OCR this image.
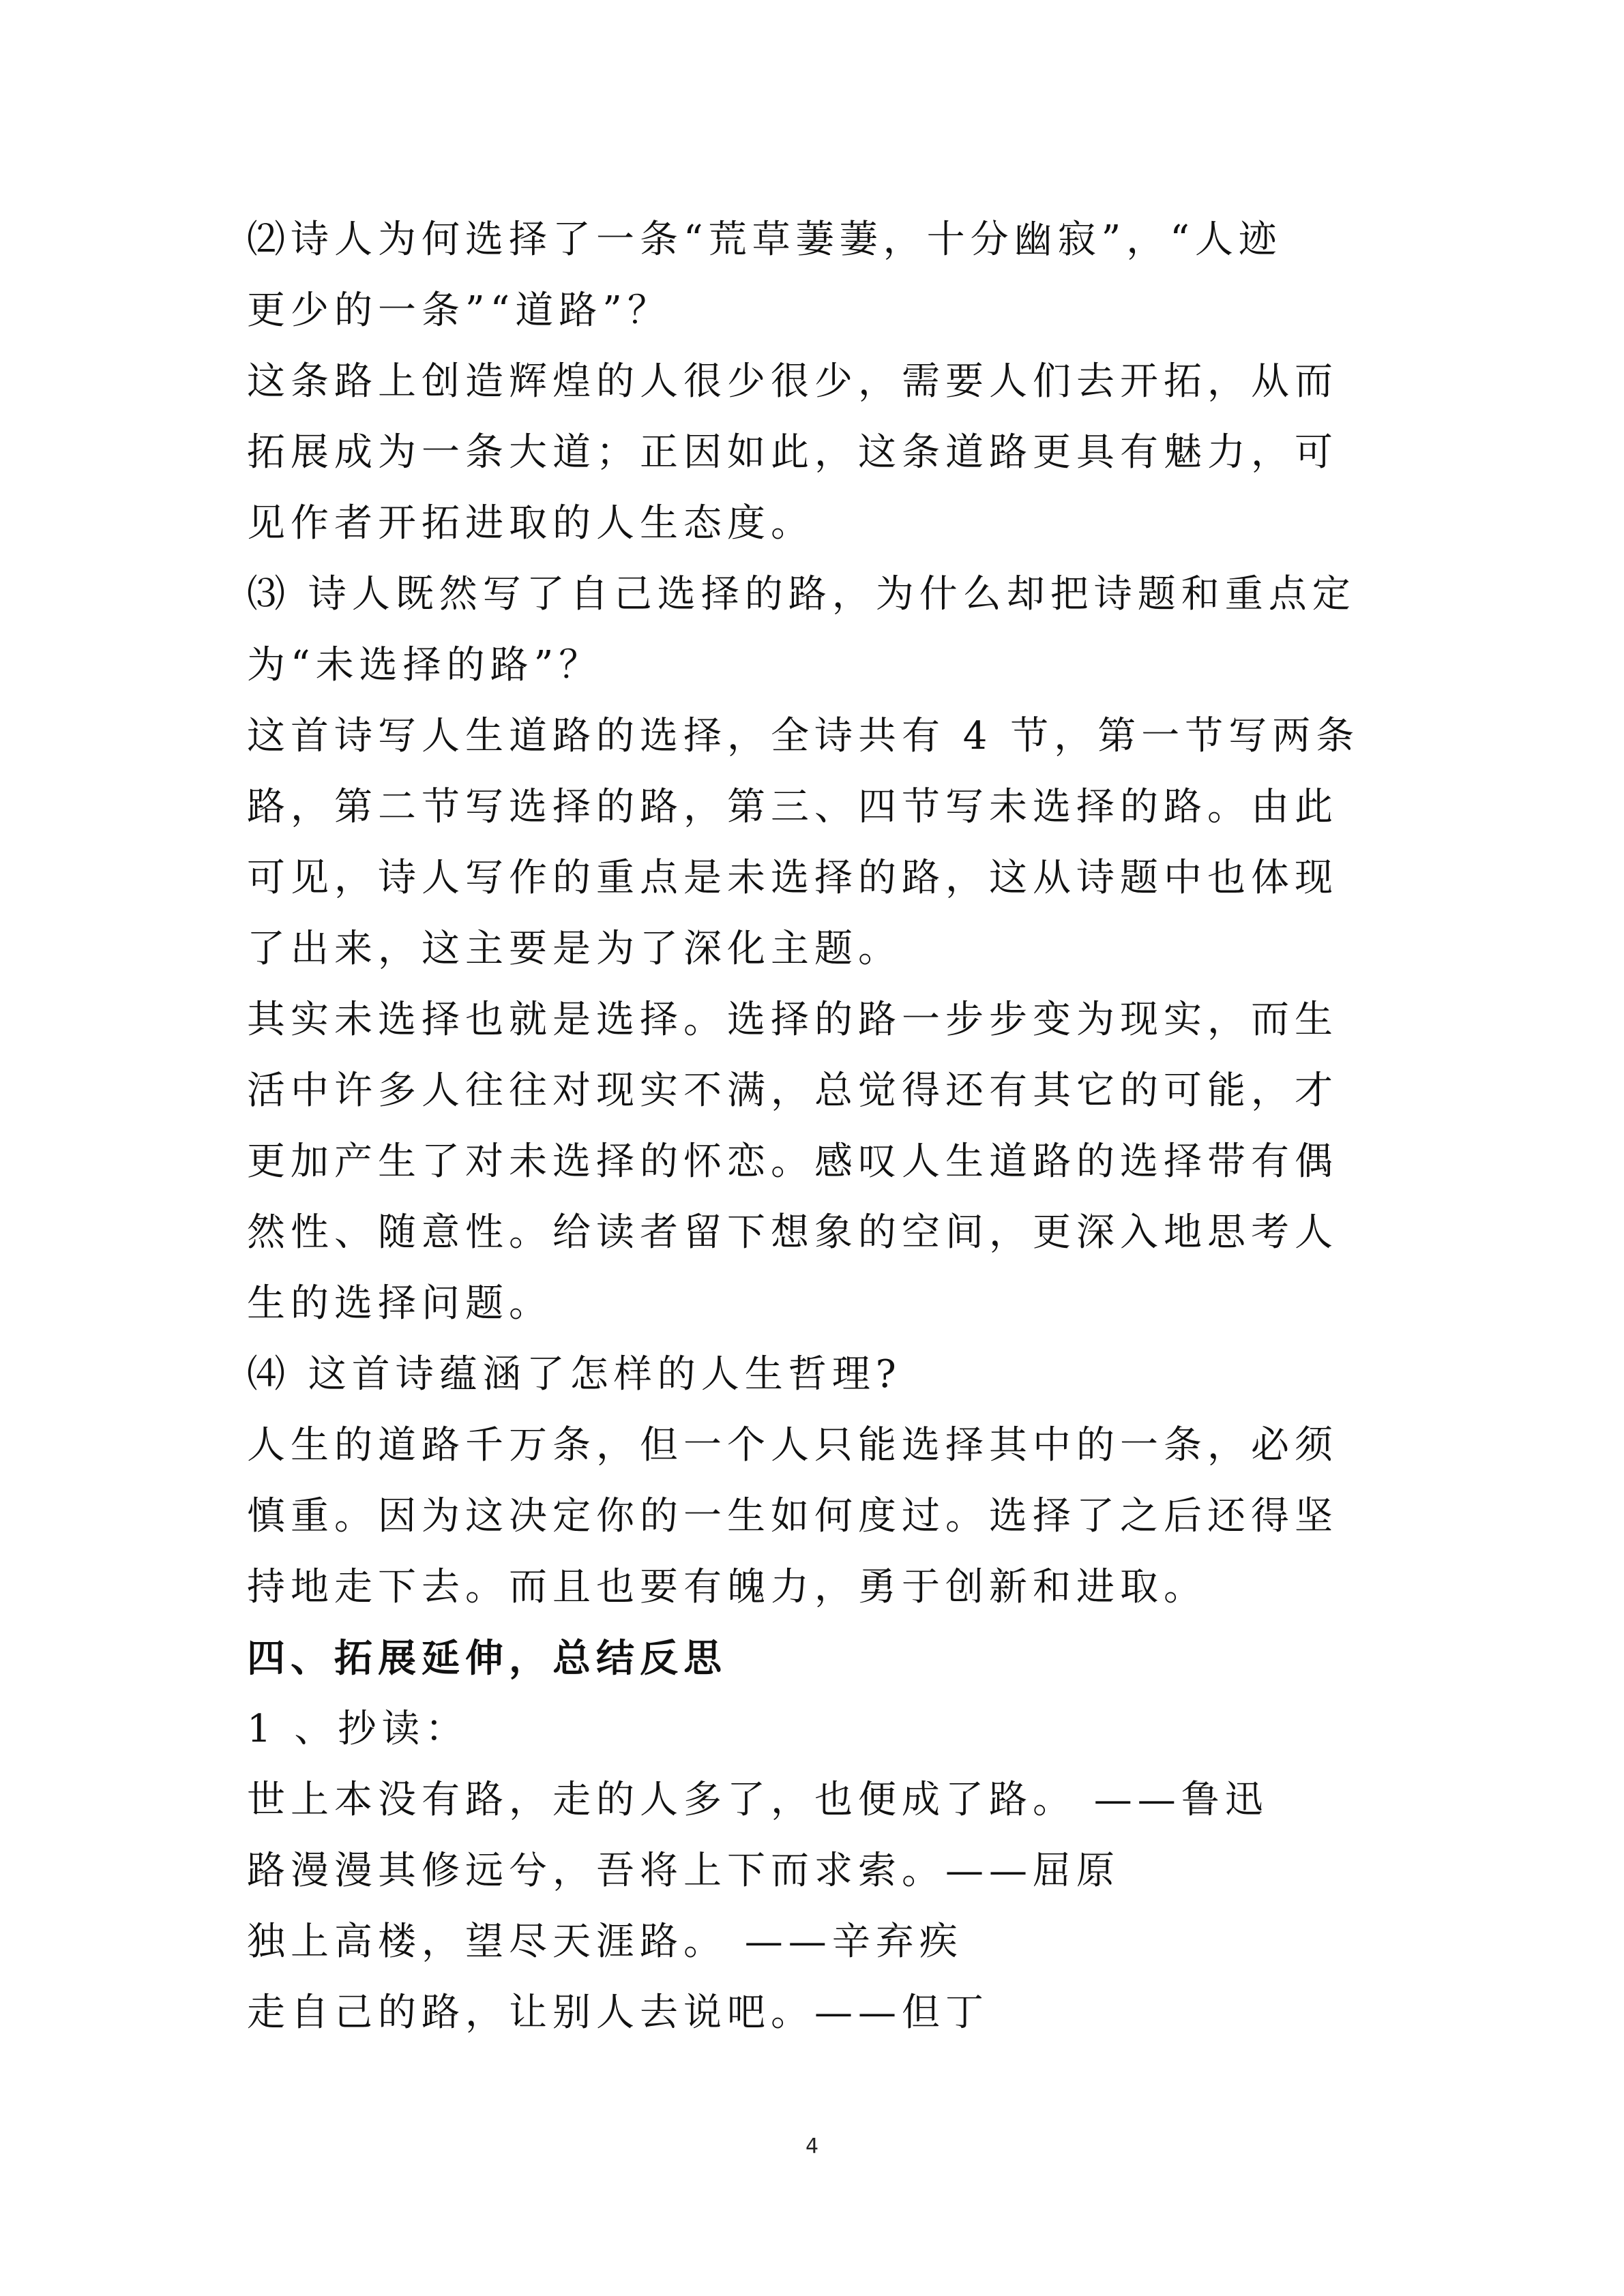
⑵诗人为何选择了一条“荒草萋萋，十分幽寂”，“人迹
更少的一条”“道路”？
这条路上创造辉煌的人很少很少，需要人们去开拓，从而
拓展成为一条大道；正因如此，这条道路更具有魅力，可
见作者开拓进取的人生态度。
⑶ 诗人既然写了自己选择的路，为什么却把诗题和重点定
为“未选择的路”？
这首诗写人生道路的选择，全诗共有 4 节，第一节写两条
路，第二节写选择的路，第三、四节写未选择的路。由此
可见，诗人写作的重点是未选择的路，这从诗题中也体现
了出来，这主要是为了深化主题。
其实未选择也就是选择。选择的路一步步变为现实，而生
活中许多人往往对现实不满，总觉得还有其它的可能，才
更加产生了对未选择的怀恋。感叹人生道路的选择带有偶
然性、随意性。给读者留下想象的空间，更深入地思考人
生的选择问题。
⑷ 这首诗蕴涵了怎样的人生哲理?
人生的道路千万条，但一个人只能选择其中的一条，必须
慎重。因为这决定你的一生如何度过。选择了之后还得坚
持地走下去。而且也要有魄力，勇于创新和进取。
四、拓展延伸，总结反思
1 、抄读：
世上本没有路，走的人多了，也便成了路。 ——鲁迅
路漫漫其修远兮，吾将上下而求索。——屈原
独上高楼，望尽天涯路。 ——辛弃疾
走自己的路，让别人去说吧。——但丁
4
